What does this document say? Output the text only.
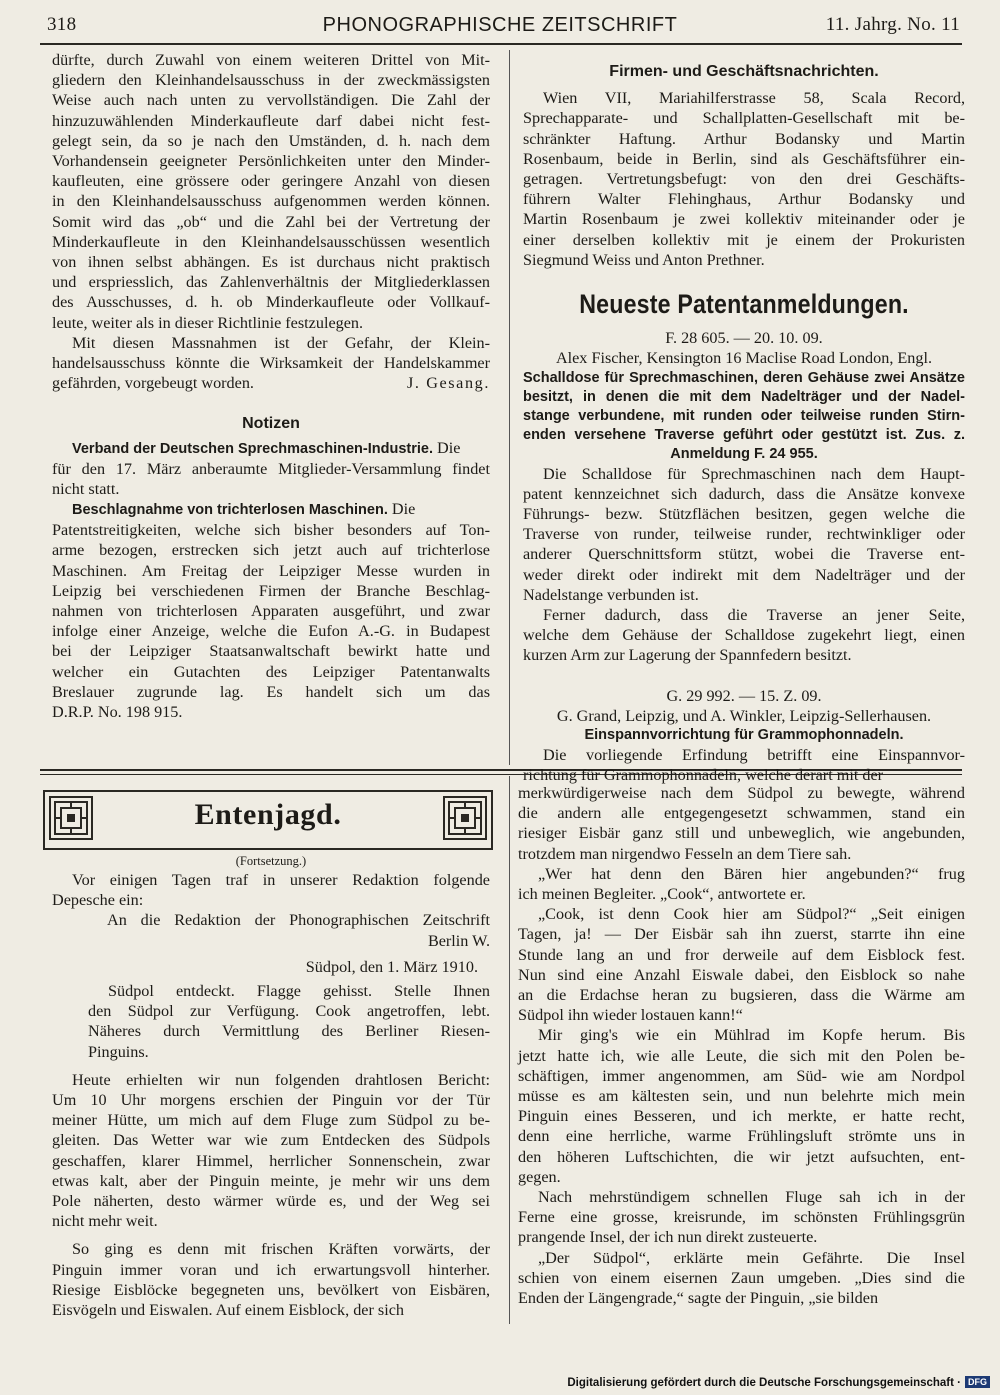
PHONOGRAPHISCHE ZEITSCHRIFT
318	11. Jahrg. No. 11

dürfte, durch Zuwahl von einem weiteren Drittel von Mit-

gliedern den Kleinhandelsausschuss in der zweckmässigsten

Weise auch nach unten zu vervollständigen. Die Zahl der

hinzuzuwählenden Minderkaufleute darf dabei nicht fest-

gelegt sein, da so je nach den Umständen, d. h. nach dem

Vorhandensein geeigneter Persönlichkeiten unter den Minder-

kaufleuten, eine grössere oder geringere Anzahl von diesen

in den Kleinhandelsausschuss aufgenommen werden können.

Somit wird das „ob“ und die Zahl bei der Vertretung der

Minderkaufleute in den Kleinhandelsausschüssen wesentlich

von ihnen selbst abhängen. Es ist durchaus nicht praktisch

und erspriesslich, das Zahlenverhältnis der Mitgliederklassen

des Ausschusses, d. h. ob Minderkaufleute oder Vollkauf-

leute, weiter als in dieser Richtlinie festzulegen.

Mit diesen Massnahmen ist der Gefahr, der Klein-

handelsausschuss könnte die Wirksamkeit der Handelskammer

gefährden, vorgebeugt worden.	J. Gesang.

Notizen

Verband der Deutschen Sprechmaschinen-Industrie. Die

für den 17. März anberaumte Mitglieder-Versammlung findet

nicht statt.

Beschlagnahme von trichterlosen Maschinen. Die

Patentstreitigkeiten, welche sich bisher besonders auf Ton-

arme bezogen, erstrecken sich jetzt auch auf trichterlose

Maschinen. Am Freitag der Leipziger Messe wurden in

Leipzig bei verschiedenen Firmen der Branche Beschlag-

nahmen von trichterlosen Apparaten ausgeführt, und zwar

infolge einer Anzeige, welche die Eufon A.-G. in Budapest

bei der Leipziger Staatsanwaltschaft bewirkt hatte und

welcher ein Gutachten des Leipziger Patentanwalts

Breslauer zugrunde lag. Es handelt sich um das

D.R.P. No. 198 915.

Firmen- und Geschäftsnachrichten.

Wien VII, Mariahilferstrasse 58, Scala Record,

Sprechapparate- und Schallplatten-Gesellschaft mit be-

schränkter Haftung. Arthur Bodansky und Martin

Rosenbaum, beide in Berlin, sind als Geschäftsführer ein-

getragen. Vertretungsbefugt: von den drei Geschäfts-

führern Walter Flehinghaus, Arthur Bodansky und

Martin Rosenbaum je zwei kollektiv miteinander oder je

einer derselben kollektiv mit je einem der Prokuristen

Siegmund Weiss und Anton Prethner.

Neueste Patentanmeldungen.

F. 28 605. — 20. 10. 09.

Alex Fischer, Kensington 16 Maclise Road London, Engl.

Schalldose für Sprechmaschinen, deren Gehäuse zwei Ansätze

besitzt, in denen die mit dem Nadelträger und der Nadel-

stange verbundene, mit runden oder teilweise runden Stirn-

enden versehene Traverse geführt oder gestützt ist. Zus. z.

Anmeldung F. 24 955.

Die Schalldose für Sprechmaschinen nach dem Haupt-

patent kennzeichnet sich dadurch, dass die Ansätze konvexe

Führungs- bezw. Stützflächen besitzen, gegen welche die

Traverse von runder, teilweise runder, rechtwinkliger oder

anderer Querschnittsform stützt, wobei die Traverse ent-

weder direkt oder indirekt mit dem Nadelträger und der

Nadelstange verbunden ist.

Ferner dadurch, dass die Traverse an jener Seite,

welche dem Gehäuse der Schalldose zugekehrt liegt, einen

kurzen Arm zur Lagerung der Spannfedern besitzt.

G. 29 992. — 15. Z. 09.

G. Grand, Leipzig, und A. Winkler, Leipzig-Sellerhausen.

Einspannvorrichtung für Grammophonnadeln.

Die vorliegende Erfindung betrifft eine Einspannvor-

richtung für Grammophonnadeln, welche derart mit der

Entenjagd.

(Fortsetzung.)

Vor einigen Tagen traf in unserer Redaktion folgende

Depesche ein:

An die Redaktion der Phonographischen Zeitschrift

Berlin W.

Südpol, den 1. März 1910.

Südpol entdeckt. Flagge gehisst. Stelle Ihnen

den Südpol zur Verfügung. Cook angetroffen, lebt.

Näheres durch Vermittlung des Berliner Riesen-

Pinguins.

Heute erhielten wir nun folgenden drahtlosen Bericht:

Um 10 Uhr morgens erschien der Pinguin vor der Tür

meiner Hütte, um mich auf dem Fluge zum Südpol zu be-

gleiten. Das Wetter war wie zum Entdecken des Südpols

geschaffen, klarer Himmel, herrlicher Sonnenschein, zwar

etwas kalt, aber der Pinguin meinte, je mehr wir uns dem

Pole näherten, desto wärmer würde es, und der Weg sei

nicht mehr weit.

So ging es denn mit frischen Kräften vorwärts, der

Pinguin immer voran und ich erwartungsvoll hinterher.

Riesige Eisblöcke begegneten uns, bevölkert von Eisbären,

Eisvögeln und Eiswalen. Auf einem Eisblock, der sich

merkwürdigerweise nach dem Südpol zu bewegte, während

die andern alle entgegengesetzt schwammen, stand ein

riesiger Eisbär ganz still und unbeweglich, wie angebunden,

trotzdem man nirgendwo Fesseln an dem Tiere sah.

„Wer hat denn den Bären hier angebunden?“ frug

ich meinen Begleiter. „Cook“, antwortete er.

„Cook, ist denn Cook hier am Südpol?“ „Seit einigen

Tagen, ja! — Der Eisbär sah ihn zuerst, starrte ihn eine

Stunde lang an und fror derweile auf dem Eisblock fest.

Nun sind eine Anzahl Eiswale dabei, den Eisblock so nahe

an die Erdachse heran zu bugsieren, dass die Wärme am

Südpol ihn wieder lostauen kann!“

Mir ging's wie ein Mühlrad im Kopfe herum. Bis

jetzt hatte ich, wie alle Leute, die sich mit den Polen be-

schäftigen, immer angenommen, am Süd- wie am Nordpol

müsse es am kältesten sein, und nun belehrte mich mein

Pinguin eines Besseren, und ich merkte, er hatte recht,

denn eine herrliche, warme Frühlingsluft strömte uns in

den höheren Luftschichten, die wir jetzt aufsuchten, ent-

gegen.

Nach mehrstündigem schnellen Fluge sah ich in der

Ferne eine grosse, kreisrunde, im schönsten Frühlingsgrün

prangende Insel, der ich nun direkt zusteuerte.

„Der Südpol“, erklärte mein Gefährte. Die Insel

schien von einem eisernen Zaun umgeben. „Dies sind die

Enden der Längengrade,“ sagte der Pinguin, „sie bilden

Digitalisierung gefördert durch die Deutsche Forschungsgemeinschaft · DFG
